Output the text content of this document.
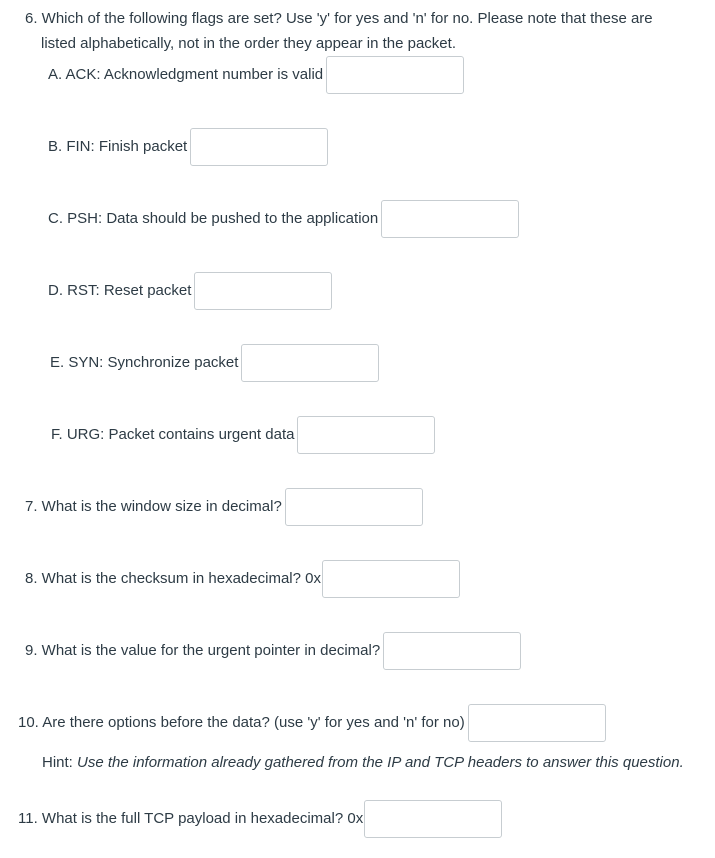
6. Which of the following flags are set? Use 'y' for yes and 'n' for no. Please note that these are
listed alphabetically, not in the order they appear in the packet.
A. ACK: Acknowledgment number is valid
B. FIN: Finish packet
C. PSH: Data should be pushed to the application
D. RST: Reset packet
E. SYN: Synchronize packet
F. URG: Packet contains urgent data
7. What is the window size in decimal?
8. What is the checksum in hexadecimal? 0x
9. What is the value for the urgent pointer in decimal?
10. Are there options before the data? (use 'y' for yes and 'n' for no)
Hint: Use the information already gathered from the IP and TCP headers to answer this question.
11. What is the full TCP payload in hexadecimal? 0x
